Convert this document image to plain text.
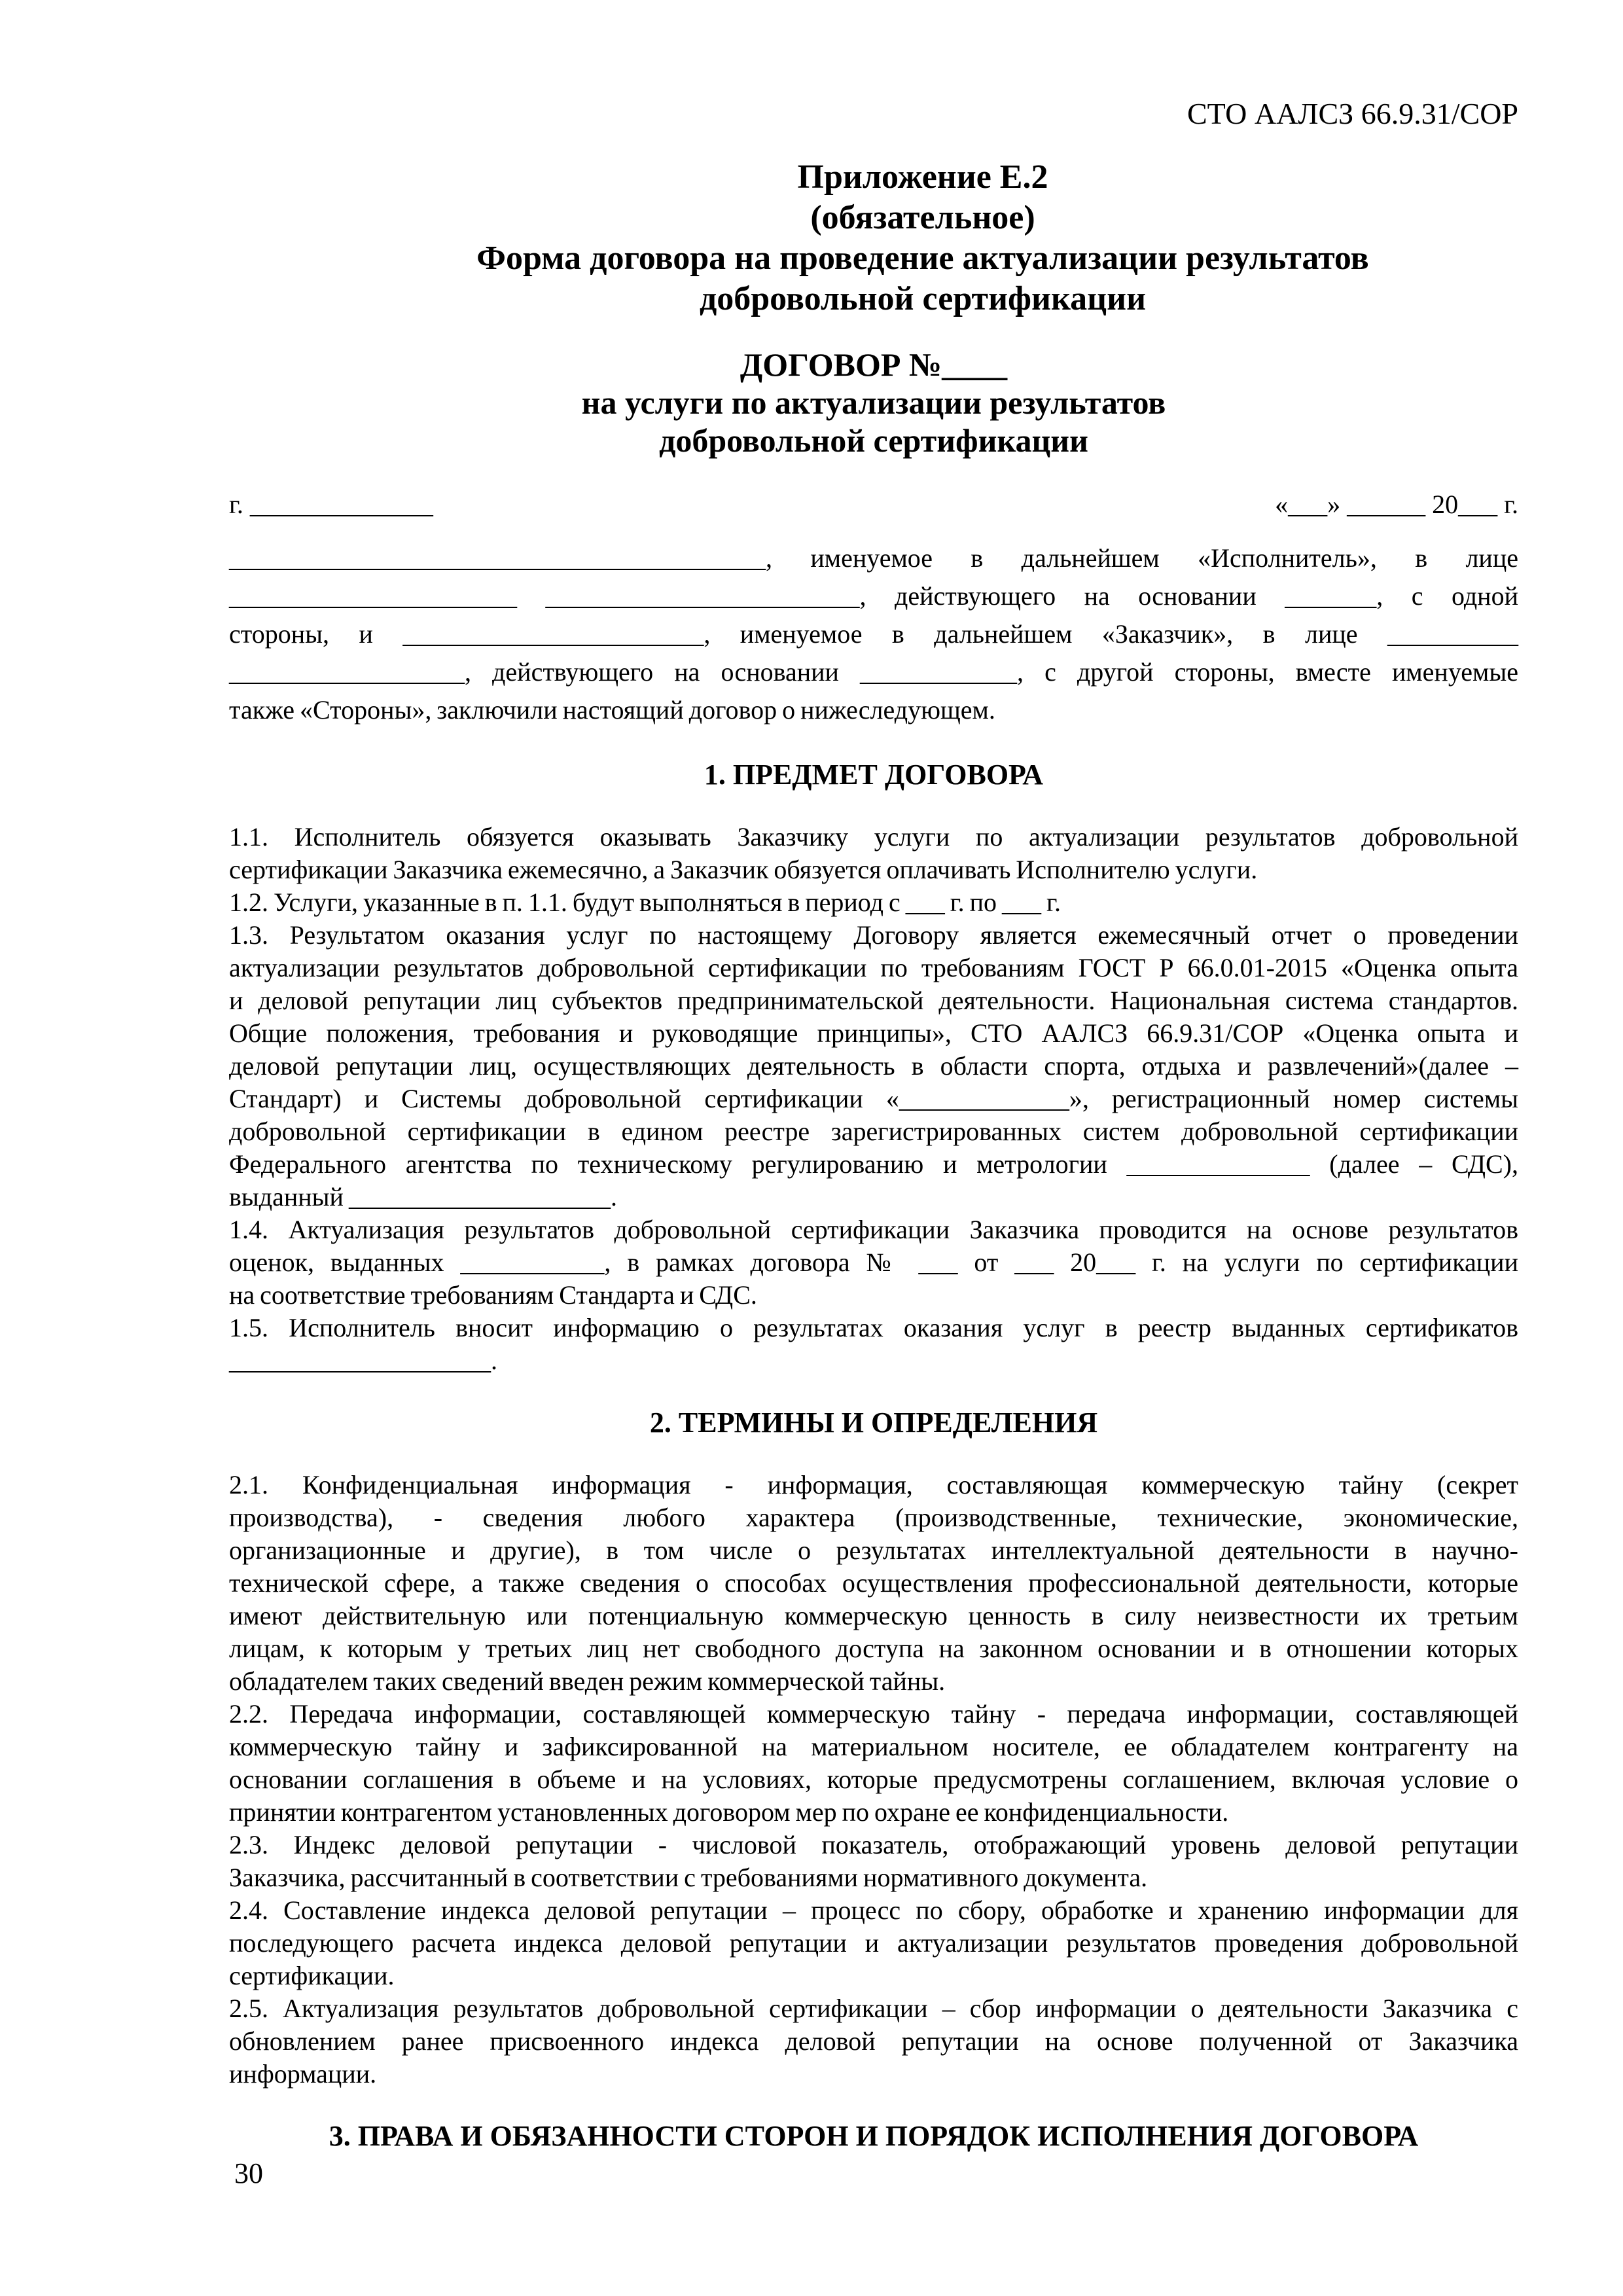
СТО ААЛСЗ 66.9.31/СОР
Приложение Е.2
(обязательное)
Форма договора на проведение актуализации результатов
добровольной сертификации
ДОГОВОР №____
на услуги по актуализации результатов
добровольной сертификации
г. ______________	«___» ______ 20___ г.
_________________________________________, именуемое в дальнейшем «Исполнитель», в лице
______________________ ________________________, действующего на основании _______, с одной
стороны, и _______________________, именуемое в дальнейшем «Заказчик», в лице __________
__________________, действующего на основании ____________, с другой стороны, вместе именуемые
также «Стороны», заключили настоящий договор о нижеследующем.
1. ПРЕДМЕТ ДОГОВОРА
1.1. Исполнитель обязуется оказывать Заказчику услуги по актуализации результатов добровольной
сертификации Заказчика ежемесячно, а Заказчик обязуется оплачивать Исполнителю услуги.
1.2. Услуги, указанные в п. 1.1. будут выполняться в период с ___ г. по ___ г.
1.3. Результатом оказания услуг по настоящему Договору является ежемесячный отчет о проведении
актуализации результатов добровольной сертификации по требованиям ГОСТ Р 66.0.01-2015 «Оценка опыта
и деловой репутации лиц субъектов предпринимательской деятельности. Национальная система стандартов.
Общие положения, требования и руководящие принципы», СТО ААЛСЗ 66.9.31/СОР «Оценка опыта и
деловой репутации лиц, осуществляющих деятельность в области спорта, отдыха и развлечений»(далее –
Стандарт) и Системы добровольной сертификации «_____________», регистрационный номер системы
добровольной сертификации в едином реестре зарегистрированных систем добровольной сертификации
Федерального агентства по техническому регулированию и метрологии ______________ (далее – СДС),
выданный ____________________.
1.4. Актуализация результатов добровольной сертификации Заказчика проводится на основе результатов
оценок, выданных ___________, в рамках договора № ___ от ___ 20___ г. на услуги по сертификации
на соответствие требованиям Стандарта и СДС.
1.5. Исполнитель вносит информацию о результатах оказания услуг в реестр выданных сертификатов
____________________.
2. ТЕРМИНЫ И ОПРЕДЕЛЕНИЯ
2.1. Конфиденциальная информация - информация, составляющая коммерческую тайну (секрет
производства), - сведения любого характера (производственные, технические, экономические,
организационные и другие), в том числе о результатах интеллектуальной деятельности в научно-
технической сфере, а также сведения о способах осуществления профессиональной деятельности, которые
имеют действительную или потенциальную коммерческую ценность в силу неизвестности их третьим
лицам, к которым у третьих лиц нет свободного доступа на законном основании и в отношении которых
обладателем таких сведений введен режим коммерческой тайны.
2.2. Передача информации, составляющей коммерческую тайну - передача информации, составляющей
коммерческую тайну и зафиксированной на материальном носителе, ее обладателем контрагенту на
основании соглашения в объеме и на условиях, которые предусмотрены соглашением, включая условие о
принятии контрагентом установленных договором мер по охране ее конфиденциальности.
2.3. Индекс деловой репутации - числовой показатель, отображающий уровень деловой репутации
Заказчика, рассчитанный в соответствии с требованиями нормативного документа.
2.4. Составление индекса деловой репутации – процесс по сбору, обработке и хранению информации для
последующего расчета индекса деловой репутации и актуализации результатов проведения добровольной
сертификации.
2.5. Актуализация результатов добровольной сертификации – сбор информации о деятельности Заказчика с
обновлением ранее присвоенного индекса деловой репутации на основе полученной от Заказчика
информации.
3. ПРАВА И ОБЯЗАННОСТИ СТОРОН И ПОРЯДОК ИСПОЛНЕНИЯ ДОГОВОРА
30
